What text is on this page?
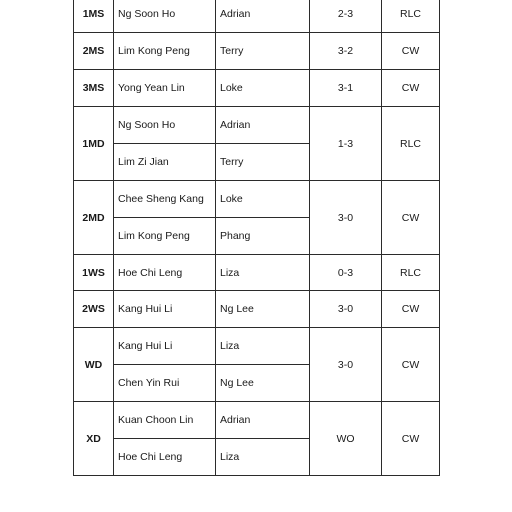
1MS	Ng Soon Ho	Adrian	2-3	RLC
2MS	Lim Kong Peng	Terry	3-2	CW
3MS	Yong Yean Lin	Loke	3-1	CW
1MD	Ng Soon Ho	Adrian	1-3	RLC
	Lim Zi Jian	Terry		
2MD	Chee Sheng Kang	Loke	3-0	CW
	Lim Kong Peng	Phang		
1WS	Hoe Chi Leng	Liza	0-3	RLC
2WS	Kang Hui Li	Ng Lee	3-0	CW
WD	Kang Hui Li	Liza	3-0	CW
	Chen Yin Rui	Ng Lee		
XD	Kuan Choon Lin	Adrian	WO	CW
	Hoe Chi Leng	Liza		
